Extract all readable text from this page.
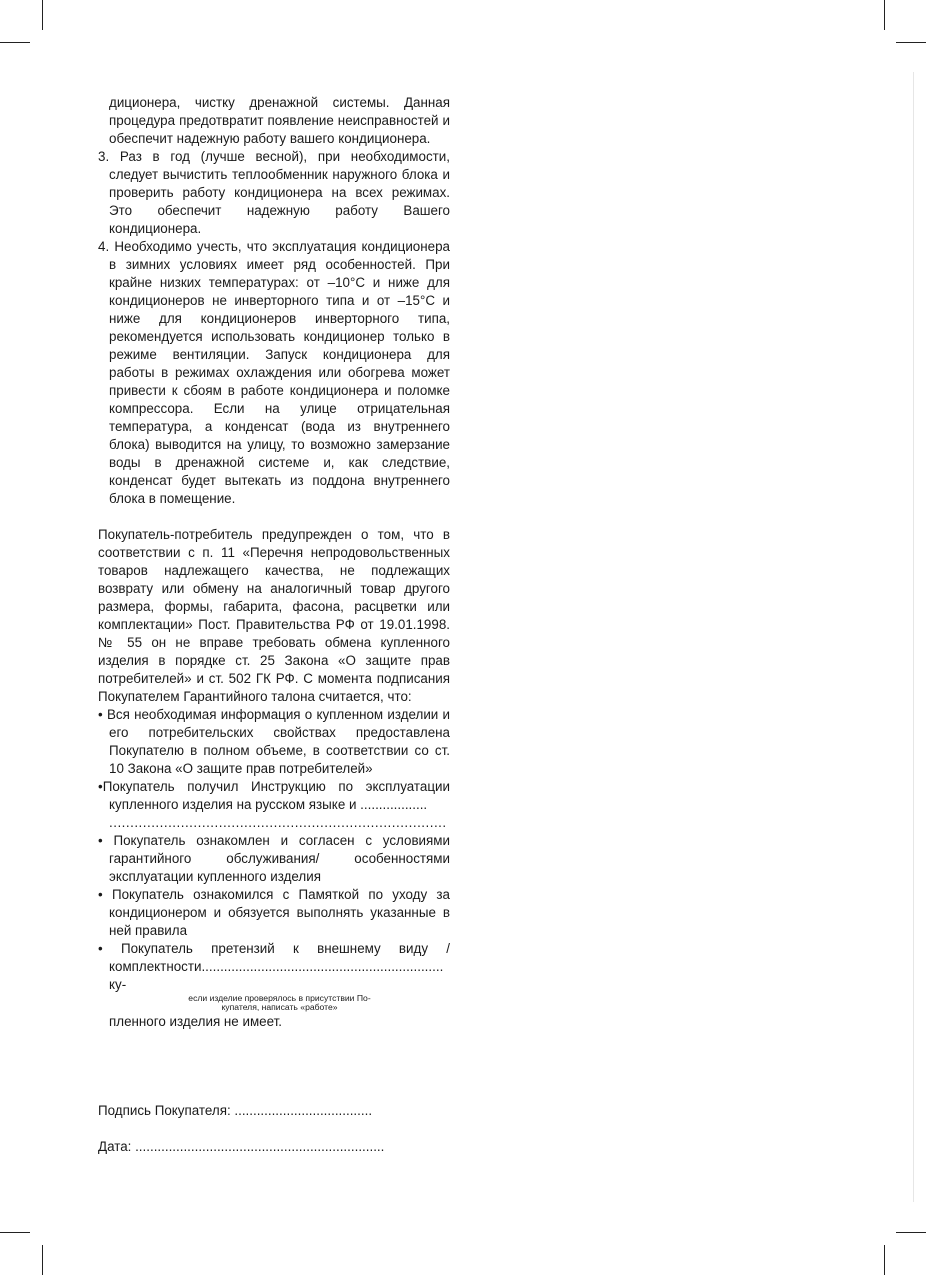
дициoнера, чистку дренажной системы. Данная процедура предотвратит появление неисправностей и обеспечит надежную работу вашего кондиционера.

3. Раз в год (лучше весной), при необходимости, следует вычистить теплообменник наружного блока и проверить работу кондиционера на всех режимах. Это обеспечит надежную работу Вашего кондиционера.

4. Необходимо учесть, что эксплуатация кондиционера в зимних условиях имеет ряд особенностей. При крайне низких температурах: от –10°С и ниже для кондиционеров не инверторного типа и от –15°С и ниже для кондиционеров инверторного типа, рекомендуется использовать кондиционер только в режиме вентиляции. Запуск кондиционера для работы в режимах охлаждения или обогрева может привести к сбоям в работе кондиционера и поломке компрессора. Если на улице отрицательная температура, а конденсат (вода из внутреннего блока) выводится на улицу, то возможно замерзание воды в дренажной системе и, как следствие, конденсат будет вытекать из поддона внутреннего блока в помещение.

Покупатель-потребитель предупрежден о том, что в соответствии с п. 11 «Перечня непродовольственных товаров надлежащего качества, не подлежащих возврату или обмену на аналогичный товар другого размера, формы, габарита, фасона, расцветки или комплектации» Пост. Правительства РФ от 19.01.1998. № 55 он не вправе требовать обмена купленного изделия в порядке ст. 25 Закона «О защите прав потребителей» и ст. 502 ГК РФ. С момента подписания Покупателем Гарантийного талона считается, что:

• Вся необходимая информация о купленном изделии и его потребительских свойствах предоставлена Покупателю в полном объеме, в соответствии со ст. 10 Закона «О защите прав потребителей»

•Покупатель получил Инструкцию по эксплуатации купленного изделия на русском языке и ..................

................................................................................

• Покупатель ознакомлен и согласен с условиями гарантийного обслуживания/ особенностями эксплуатации купленного изделия

• Покупатель ознакомился с Памяткой по уходу за кондиционером и обязуется выполнять указанные в ней правила

• Покупатель претензий к внешнему виду /комплектности................................................................. ку-

если изделие проверялось в присутствии По-
купателя, написать «работе»

пленного изделия не имеет.

Подпись Покупателя: .....................................
Дата: ...................................................................
